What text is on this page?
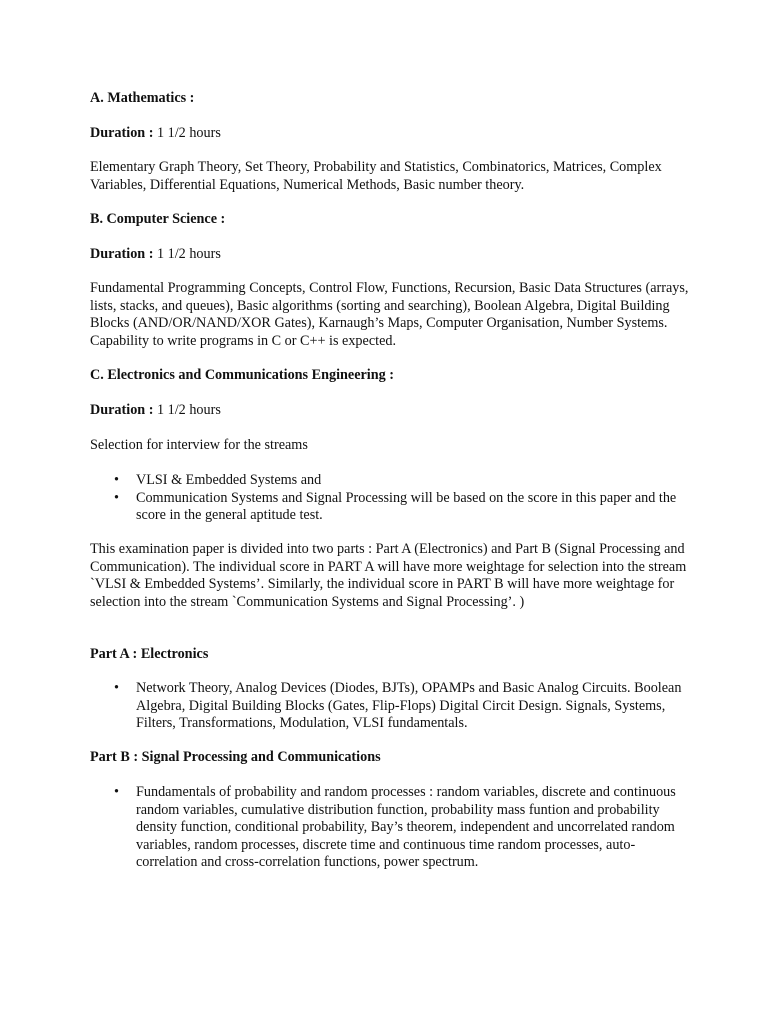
A. Mathematics :

Duration : 1 1/2 hours

Elementary Graph Theory, Set Theory, Probability and Statistics, Combinatorics, Matrices, Complex Variables, Differential Equations, Numerical Methods, Basic number theory.

B. Computer Science :

Duration : 1 1/2 hours

Fundamental Programming Concepts, Control Flow, Functions, Recursion, Basic Data Structures (arrays, lists, stacks, and queues), Basic algorithms (sorting and searching), Boolean Algebra, Digital Building Blocks (AND/OR/NAND/XOR Gates), Karnaugh’s Maps, Computer Organisation, Number Systems. Capability to write programs in C or C++ is expected.

C. Electronics and Communications Engineering :

Duration : 1 1/2 hours

Selection for interview for the streams

• VLSI & Embedded Systems and
• Communication Systems and Signal Processing will be based on the score in this paper and the score in the general aptitude test.

This examination paper is divided into two parts : Part A (Electronics) and Part B (Signal Processing and Communication). The individual score in PART A will have more weightage for selection into the stream `VLSI & Embedded Systems’. Similarly, the individual score in PART B will have more weightage for selection into the stream `Communication Systems and Signal Processing’. )

Part A : Electronics

• Network Theory, Analog Devices (Diodes, BJTs), OPAMPs and Basic Analog Circuits. Boolean Algebra, Digital Building Blocks (Gates, Flip-Flops) Digital Circit Design. Signals, Systems, Filters, Transformations, Modulation, VLSI fundamentals.

Part B : Signal Processing and Communications

• Fundamentals of probability and random processes : random variables, discrete and continuous random variables, cumulative distribution function, probability mass funtion and probability density function, conditional probability, Bay’s theorem, independent and uncorrelated random variables, random processes, discrete time and continuous time random processes, auto-correlation and cross-correlation functions, power spectrum.
